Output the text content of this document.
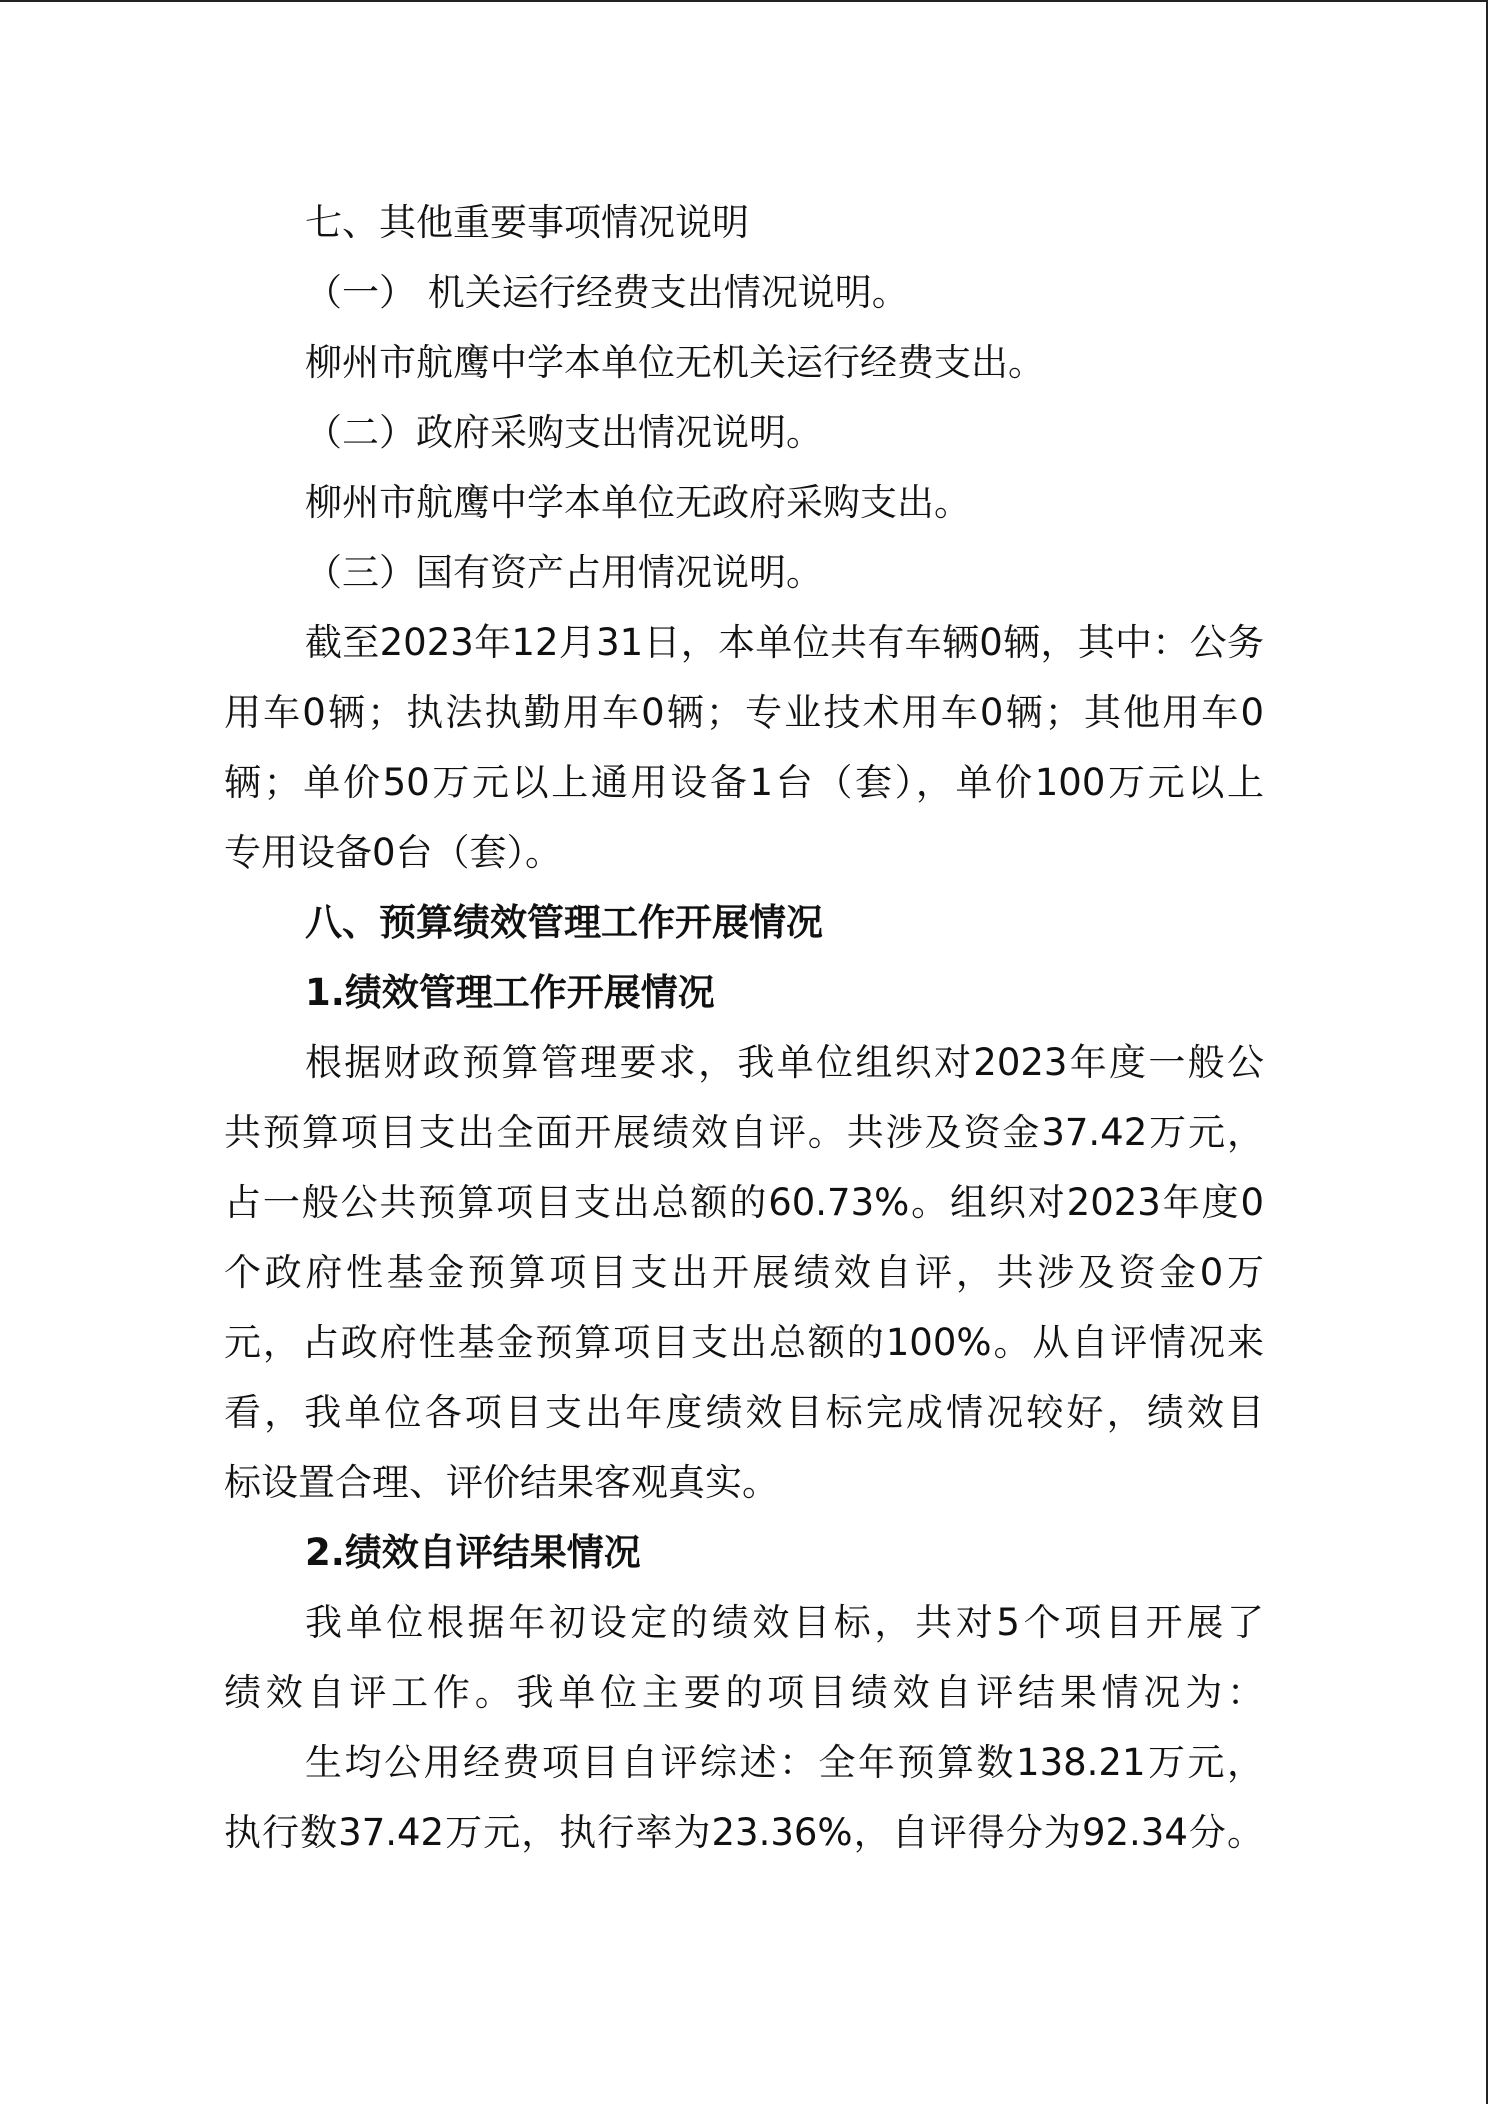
七、其他重要事项情况说明
（一） 机关运行经费支出情况说明。
柳州市航鹰中学本单位无机关运行经费支出。
（二）政府采购支出情况说明。
柳州市航鹰中学本单位无政府采购支出。
（三）国有资产占用情况说明。
截至2023年12月31日，本单位共有车辆0辆，其中：公务
用车0辆；执法执勤用车0辆；专业技术用车0辆；其他用车0
辆；单价50万元以上通用设备1台（套），单价100万元以上
专用设备0台（套）。
八、预算绩效管理工作开展情况
1.绩效管理工作开展情况
根据财政预算管理要求，我单位组织对2023年度一般公
共预算项目支出全面开展绩效自评。共涉及资金37.42万元，
占一般公共预算项目支出总额的60.73%。组织对2023年度0
个政府性基金预算项目支出开展绩效自评，共涉及资金0万
元，占政府性基金预算项目支出总额的100%。从自评情况来
看，我单位各项目支出年度绩效目标完成情况较好，绩效目
标设置合理、评价结果客观真实。
2.绩效自评结果情况
我单位根据年初设定的绩效目标，共对5个项目开展了
绩效自评工作。我单位主要的项目绩效自评结果情况为：
生均公用经费项目自评综述：全年预算数138.21万元，
执行数37.42万元，执行率为23.36%，自评得分为92.34分。
